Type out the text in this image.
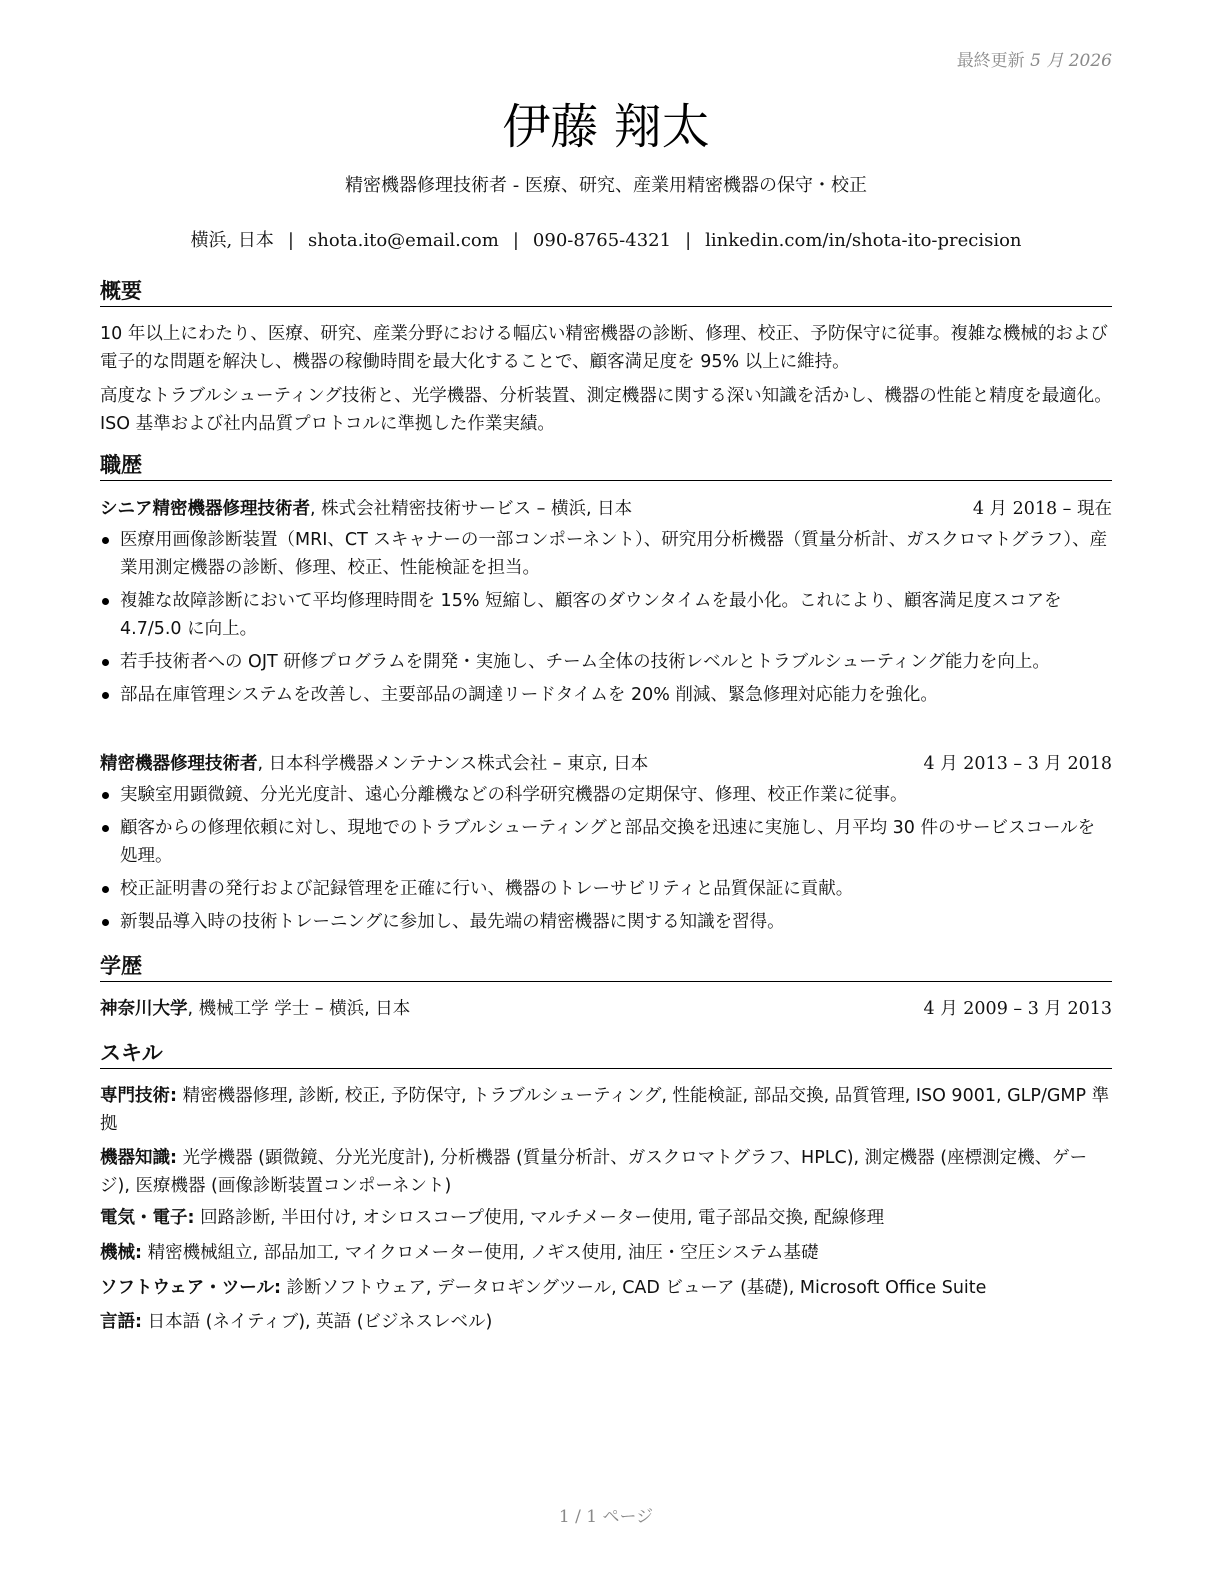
最終更新 5 月 2026
伊藤 翔太
精密機器修理技術者 - 医療、研究、産業用精密機器の保守・校正
横浜, 日本 | shota.ito@email.com | 090-8765-4321 | linkedin.com/in/shota-ito-precision
概要
10 年以上にわたり、医療、研究、産業分野における幅広い精密機器の診断、修理、校正、予防保守に従事。複雑な機械的および電子的な問題を解決し、機器の稼働時間を最大化することで、顧客満足度を 95% 以上に維持。
高度なトラブルシューティング技術と、光学機器、分析装置、測定機器に関する深い知識を活かし、機器の性能と精度を最適化。ISO 基準および社内品質プロトコルに準拠した作業実績。
職歴
シニア精密機器修理技術者, 株式会社精密技術サービス – 横浜, 日本	4 月 2018 – 現在
医療用画像診断装置（MRI、CT スキャナーの一部コンポーネント）、研究用分析機器（質量分析計、ガスクロマトグラフ）、産業用測定機器の診断、修理、校正、性能検証を担当。
複雑な故障診断において平均修理時間を 15% 短縮し、顧客のダウンタイムを最小化。これにより、顧客満足度スコアを 4.7/5.0 に向上。
若手技術者への OJT 研修プログラムを開発・実施し、チーム全体の技術レベルとトラブルシューティング能力を向上。
部品在庫管理システムを改善し、主要部品の調達リードタイムを 20% 削減、緊急修理対応能力を強化。
精密機器修理技術者, 日本科学機器メンテナンス株式会社 – 東京, 日本	4 月 2013 – 3 月 2018
実験室用顕微鏡、分光光度計、遠心分離機などの科学研究機器の定期保守、修理、校正作業に従事。
顧客からの修理依頼に対し、現地でのトラブルシューティングと部品交換を迅速に実施し、月平均 30 件のサービスコールを処理。
校正証明書の発行および記録管理を正確に行い、機器のトレーサビリティと品質保証に貢献。
新製品導入時の技術トレーニングに参加し、最先端の精密機器に関する知識を習得。
学歴
神奈川大学, 機械工学 学士 – 横浜, 日本	4 月 2009 – 3 月 2013
スキル
専門技術: 精密機器修理, 診断, 校正, 予防保守, トラブルシューティング, 性能検証, 部品交換, 品質管理, ISO 9001, GLP/GMP 準拠
機器知識: 光学機器 (顕微鏡、分光光度計), 分析機器 (質量分析計、ガスクロマトグラフ、HPLC), 測定機器 (座標測定機、ゲージ), 医療機器 (画像診断装置コンポーネント)
電気・電子: 回路診断, 半田付け, オシロスコープ使用, マルチメーター使用, 電子部品交換, 配線修理
機械: 精密機械組立, 部品加工, マイクロメーター使用, ノギス使用, 油圧・空圧システム基礎
ソフトウェア・ツール: 診断ソフトウェア, データロギングツール, CAD ビューア (基礎), Microsoft Office Suite
言語: 日本語 (ネイティブ), 英語 (ビジネスレベル)
1 / 1 ページ
